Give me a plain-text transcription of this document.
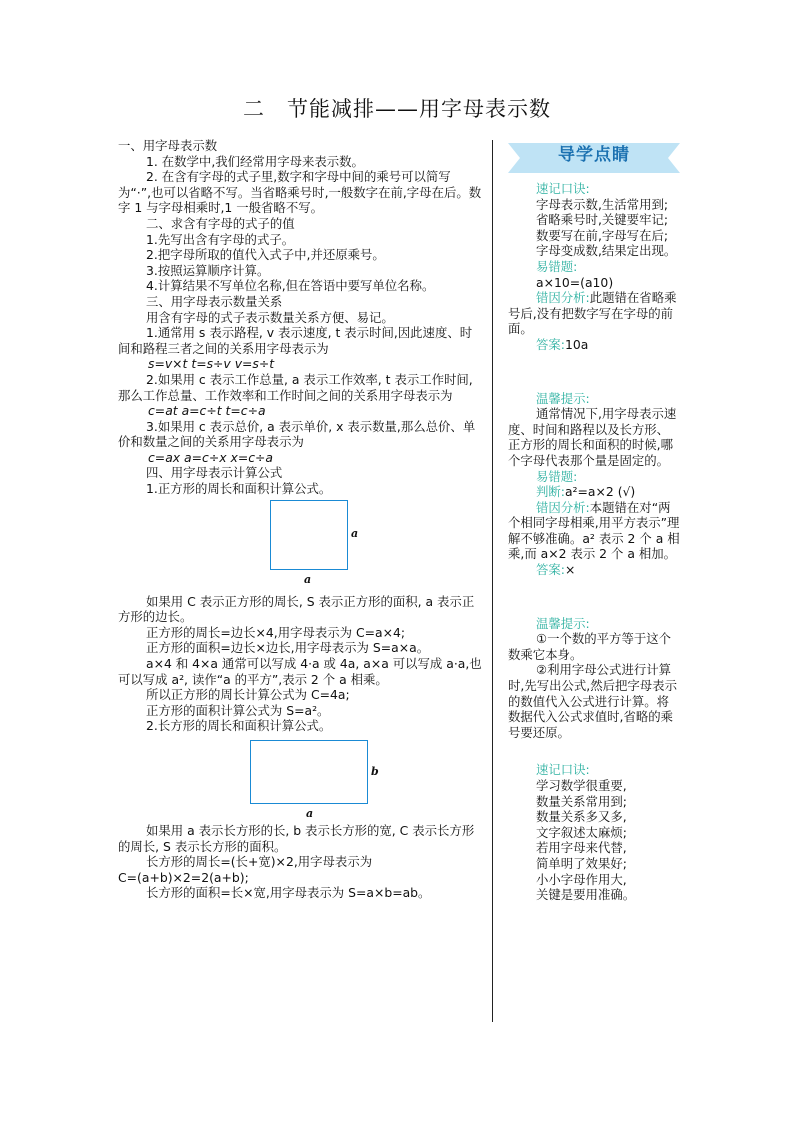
二 节能减排——用字母表示数

一、用字母表示数

1. 在数学中,我们经常用字母来表示数。

2. 在含有字母的式子里,数字和字母中间的乘号可以简写为“·”,也可以省略不写。当省略乘号时,一般数字在前,字母在后。数字 1 与字母相乘时,1 一般省略不写。

二、求含有字母的式子的值

1.先写出含有字母的式子。

2.把字母所取的值代入式子中,并还原乘号。

3.按照运算顺序计算。

4.计算结果不写单位名称,但在答语中要写单位名称。

三、用字母表示数量关系

用含有字母的式子表示数量关系方便、易记。

1.通常用 s 表示路程, v 表示速度, t 表示时间,因此速度、时间和路程三者之间的关系用字母表示为

s=v×t t=s÷v v=s÷t

2.如果用 c 表示工作总量, a 表示工作效率, t 表示工作时间,那么工作总量、工作效率和工作时间之间的关系用字母表示为

c=at a=c÷t t=c÷a

3.如果用 c 表示总价, a 表示单价, x 表示数量,那么总价、单价和数量之间的关系用字母表示为

c=ax a=c÷x x=c÷a

四、用字母表示计算公式

1.正方形的周长和面积计算公式。

a
a

如果用 C 表示正方形的周长, S 表示正方形的面积, a 表示正方形的边长。

正方形的周长=边长×4,用字母表示为 C=a×4;

正方形的面积=边长×边长,用字母表示为 S=a×a。

a×4 和 4×a 通常可以写成 4·a 或 4a, a×a 可以写成 a·a,也可以写成 a², 读作“a 的平方”,表示 2 个 a 相乘。

所以正方形的周长计算公式为 C=4a;

正方形的面积计算公式为 S=a²。

2.长方形的周长和面积计算公式。

b
a

如果用 a 表示长方形的长, b 表示长方形的宽, C 表示长方形的周长, S 表示长方形的面积。

长方形的周长=(长+宽)×2,用字母表示为

C=(a+b)×2=2(a+b);

长方形的面积=长×宽,用字母表示为 S=a×b=ab。

导学点睛

速记口诀:

字母表示数,生活常用到;

省略乘号时,关键要牢记;

数要写在前,字母写在后;

字母变成数,结果定出现。

易错题:

a×10=(a10)

错因分析:此题错在省略乘号后,没有把数字写在字母的前面。

答案:10a

温馨提示:

通常情况下,用字母表示速度、时间和路程以及长方形、正方形的周长和面积的时候,哪个字母代表那个量是固定的。

易错题:

判断:a²=a×2 (√)

错因分析:本题错在对“两个相同字母相乘,用平方表示”理解不够准确。a² 表示 2 个 a 相乘,而 a×2 表示 2 个 a 相加。

答案:×

温馨提示:

①一个数的平方等于这个数乘它本身。

②利用字母公式进行计算时,先写出公式,然后把字母表示的数值代入公式进行计算。将数据代入公式求值时,省略的乘号要还原。

速记口诀:

学习数学很重要,

数量关系常用到;

数量关系多又多,

文字叙述太麻烦;

若用字母来代替,

简单明了效果好;

小小字母作用大,

关键是要用准确。
